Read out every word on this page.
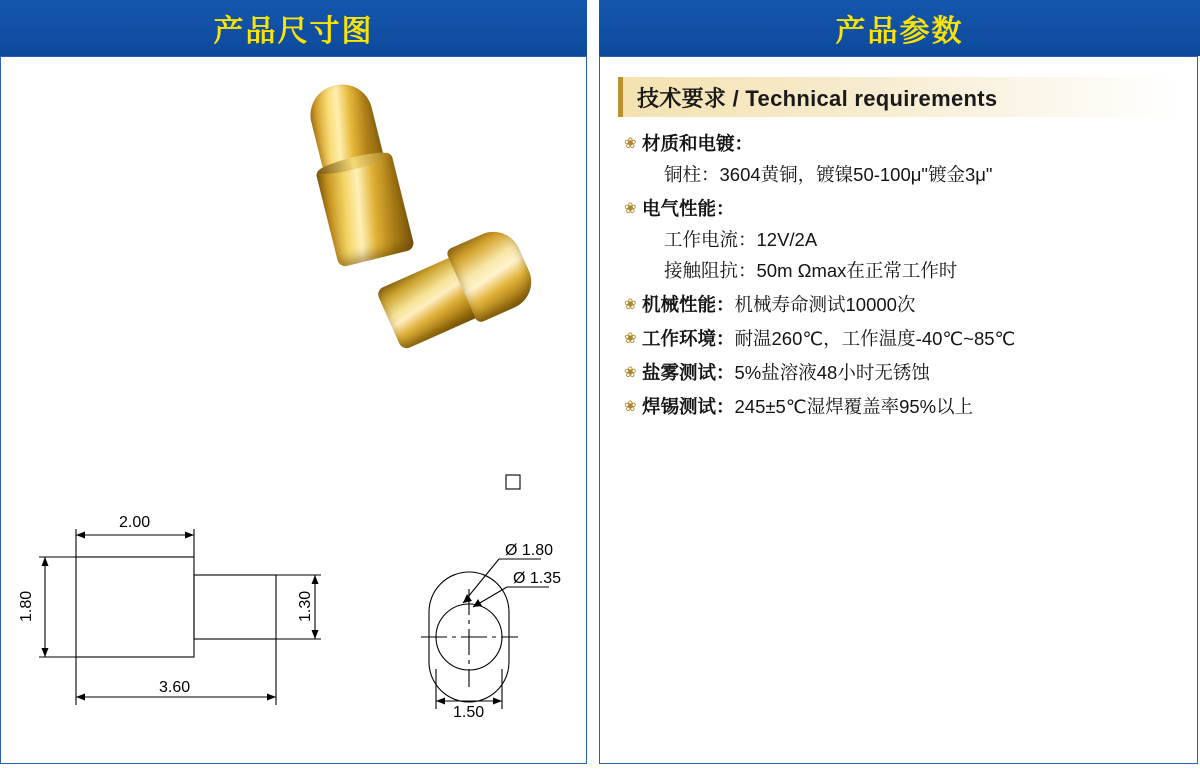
产品尺寸图	产品参数
2.00
1.80	1.30
3.60
Ø 1.80
Ø 1.35
1.50
技术要求 / Technical requirements
❀ 材质和电镀：
铜柱：3604黄铜，镀镍50-100μ"镀金3μ"
❀ 电气性能：
工作电流：12V/2A
接触阻抗：50m Ωmax在正常工作时
❀ 机械性能： 机械寿命测试10000次
❀ 工作环境： 耐温260℃，工作温度-40℃~85℃
❀ 盐雾测试： 5%盐溶液48小时无锈蚀
❀ 焊锡测试： 245±5℃湿焊覆盖率95%以上
